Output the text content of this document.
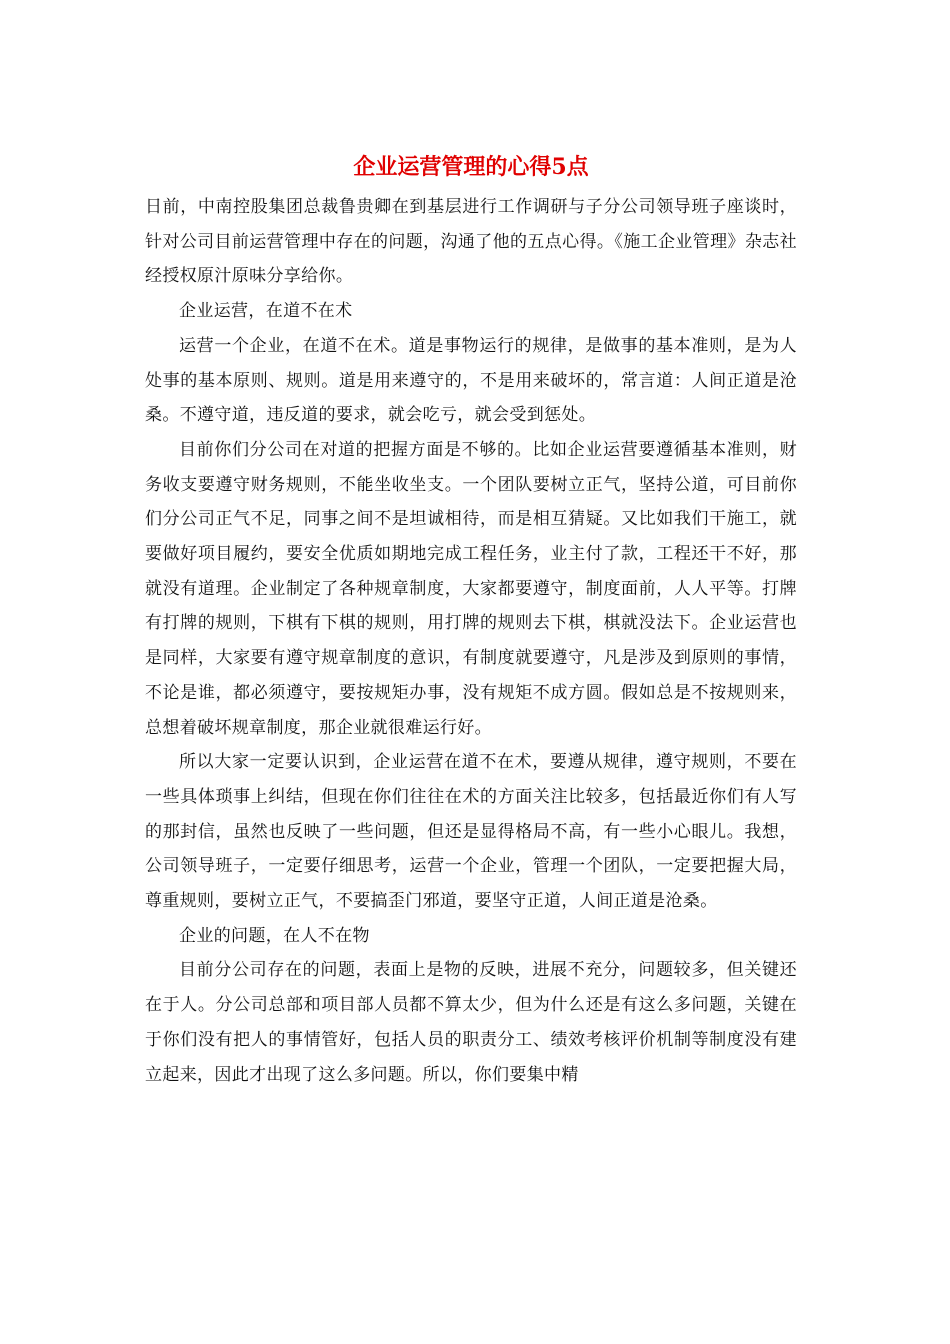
企业运营管理的心得5点

日前，中南控股集团总裁鲁贵卿在到基层进行工作调研与子分公司领导班子座谈时，针对公司目前运营管理中存在的问题，沟通了他的五点心得。《施工企业管理》杂志社经授权原汁原味分享给你。

企业运营，在道不在术

运营一个企业，在道不在术。道是事物运行的规律，是做事的基本准则，是为人处事的基本原则、规则。道是用来遵守的，不是用来破坏的，常言道：人间正道是沧桑。不遵守道，违反道的要求，就会吃亏，就会受到惩处。

目前你们分公司在对道的把握方面是不够的。比如企业运营要遵循基本准则，财务收支要遵守财务规则，不能坐收坐支。一个团队要树立正气，坚持公道，可目前你们分公司正气不足，同事之间不是坦诚相待，而是相互猜疑。又比如我们干施工，就要做好项目履约，要安全优质如期地完成工程任务，业主付了款，工程还干不好，那就没有道理。企业制定了各种规章制度，大家都要遵守，制度面前，人人平等。打牌有打牌的规则，下棋有下棋的规则，用打牌的规则去下棋，棋就没法下。企业运营也是同样，大家要有遵守规章制度的意识，有制度就要遵守，凡是涉及到原则的事情，不论是谁，都必须遵守，要按规矩办事，没有规矩不成方圆。假如总是不按规则来，总想着破坏规章制度，那企业就很难运行好。

所以大家一定要认识到，企业运营在道不在术，要遵从规律，遵守规则，不要在一些具体琐事上纠结，但现在你们往往在术的方面关注比较多，包括最近你们有人写的那封信，虽然也反映了一些问题，但还是显得格局不高，有一些小心眼儿。我想，公司领导班子，一定要仔细思考，运营一个企业，管理一个团队，一定要把握大局，尊重规则，要树立正气，不要搞歪门邪道，要坚守正道，人间正道是沧桑。

企业的问题，在人不在物

目前分公司存在的问题，表面上是物的反映，进展不充分，问题较多，但关键还在于人。分公司总部和项目部人员都不算太少，但为什么还是有这么多问题，关键在于你们没有把人的事情管好，包括人员的职责分工、绩效考核评价机制等制度没有建立起来，因此才出现了这么多问题。所以，你们要集中精
